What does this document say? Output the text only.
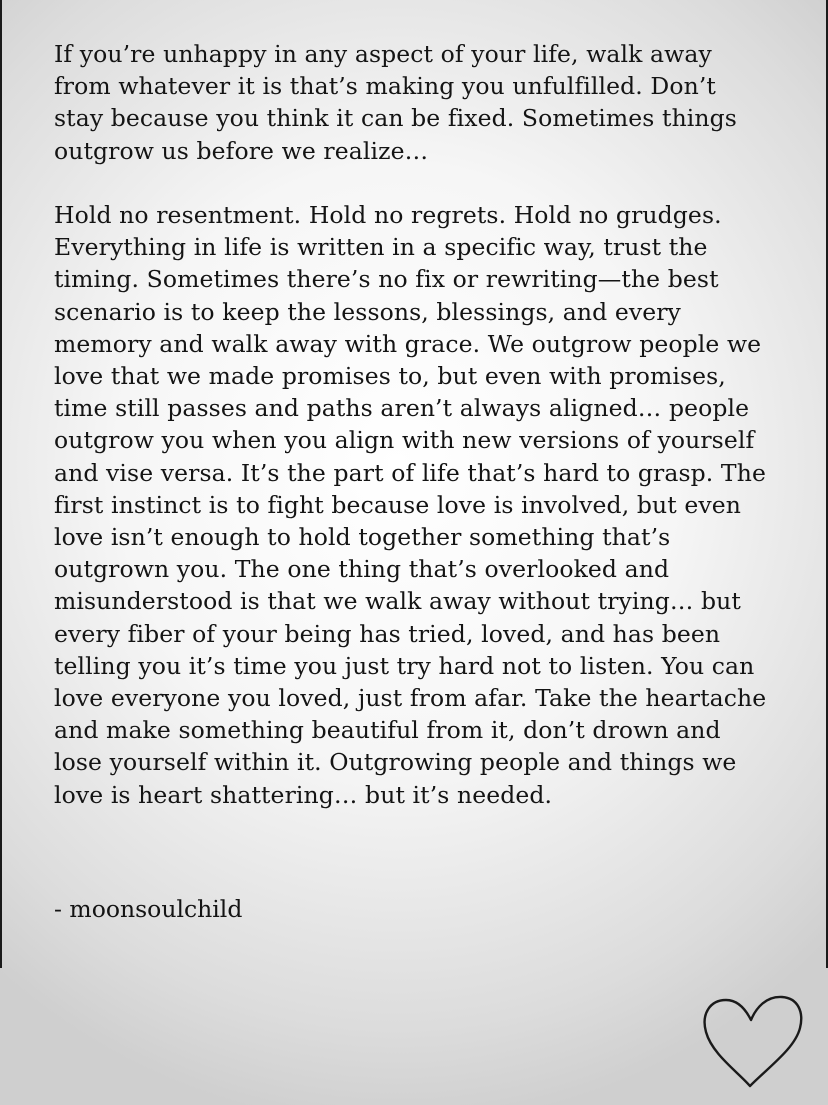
If you’re unhappy in any aspect of your life, walk away
from whatever it is that’s making you unfulfilled. Don’t
stay because you think it can be fixed. Sometimes things
outgrow us before we realize…
Hold no resentment. Hold no regrets. Hold no grudges.
Everything in life is written in a specific way, trust the
timing. Sometimes there’s no fix or rewriting—the best
scenario is to keep the lessons, blessings, and every
memory and walk away with grace. We outgrow people we
love that we made promises to, but even with promises,
time still passes and paths aren’t always aligned… people
outgrow you when you align with new versions of yourself
and vise versa. It’s the part of life that’s hard to grasp. The
first instinct is to fight because love is involved, but even
love isn’t enough to hold together something that’s
outgrown you. The one thing that’s overlooked and
misunderstood is that we walk away without trying… but
every fiber of your being has tried, loved, and has been
telling you it’s time you just try hard not to listen. You can
love everyone you loved, just from afar. Take the heartache
and make something beautiful from it, don’t drown and
lose yourself within it. Outgrowing people and things we
love is heart shattering… but it’s needed.
- moonsoulchild
